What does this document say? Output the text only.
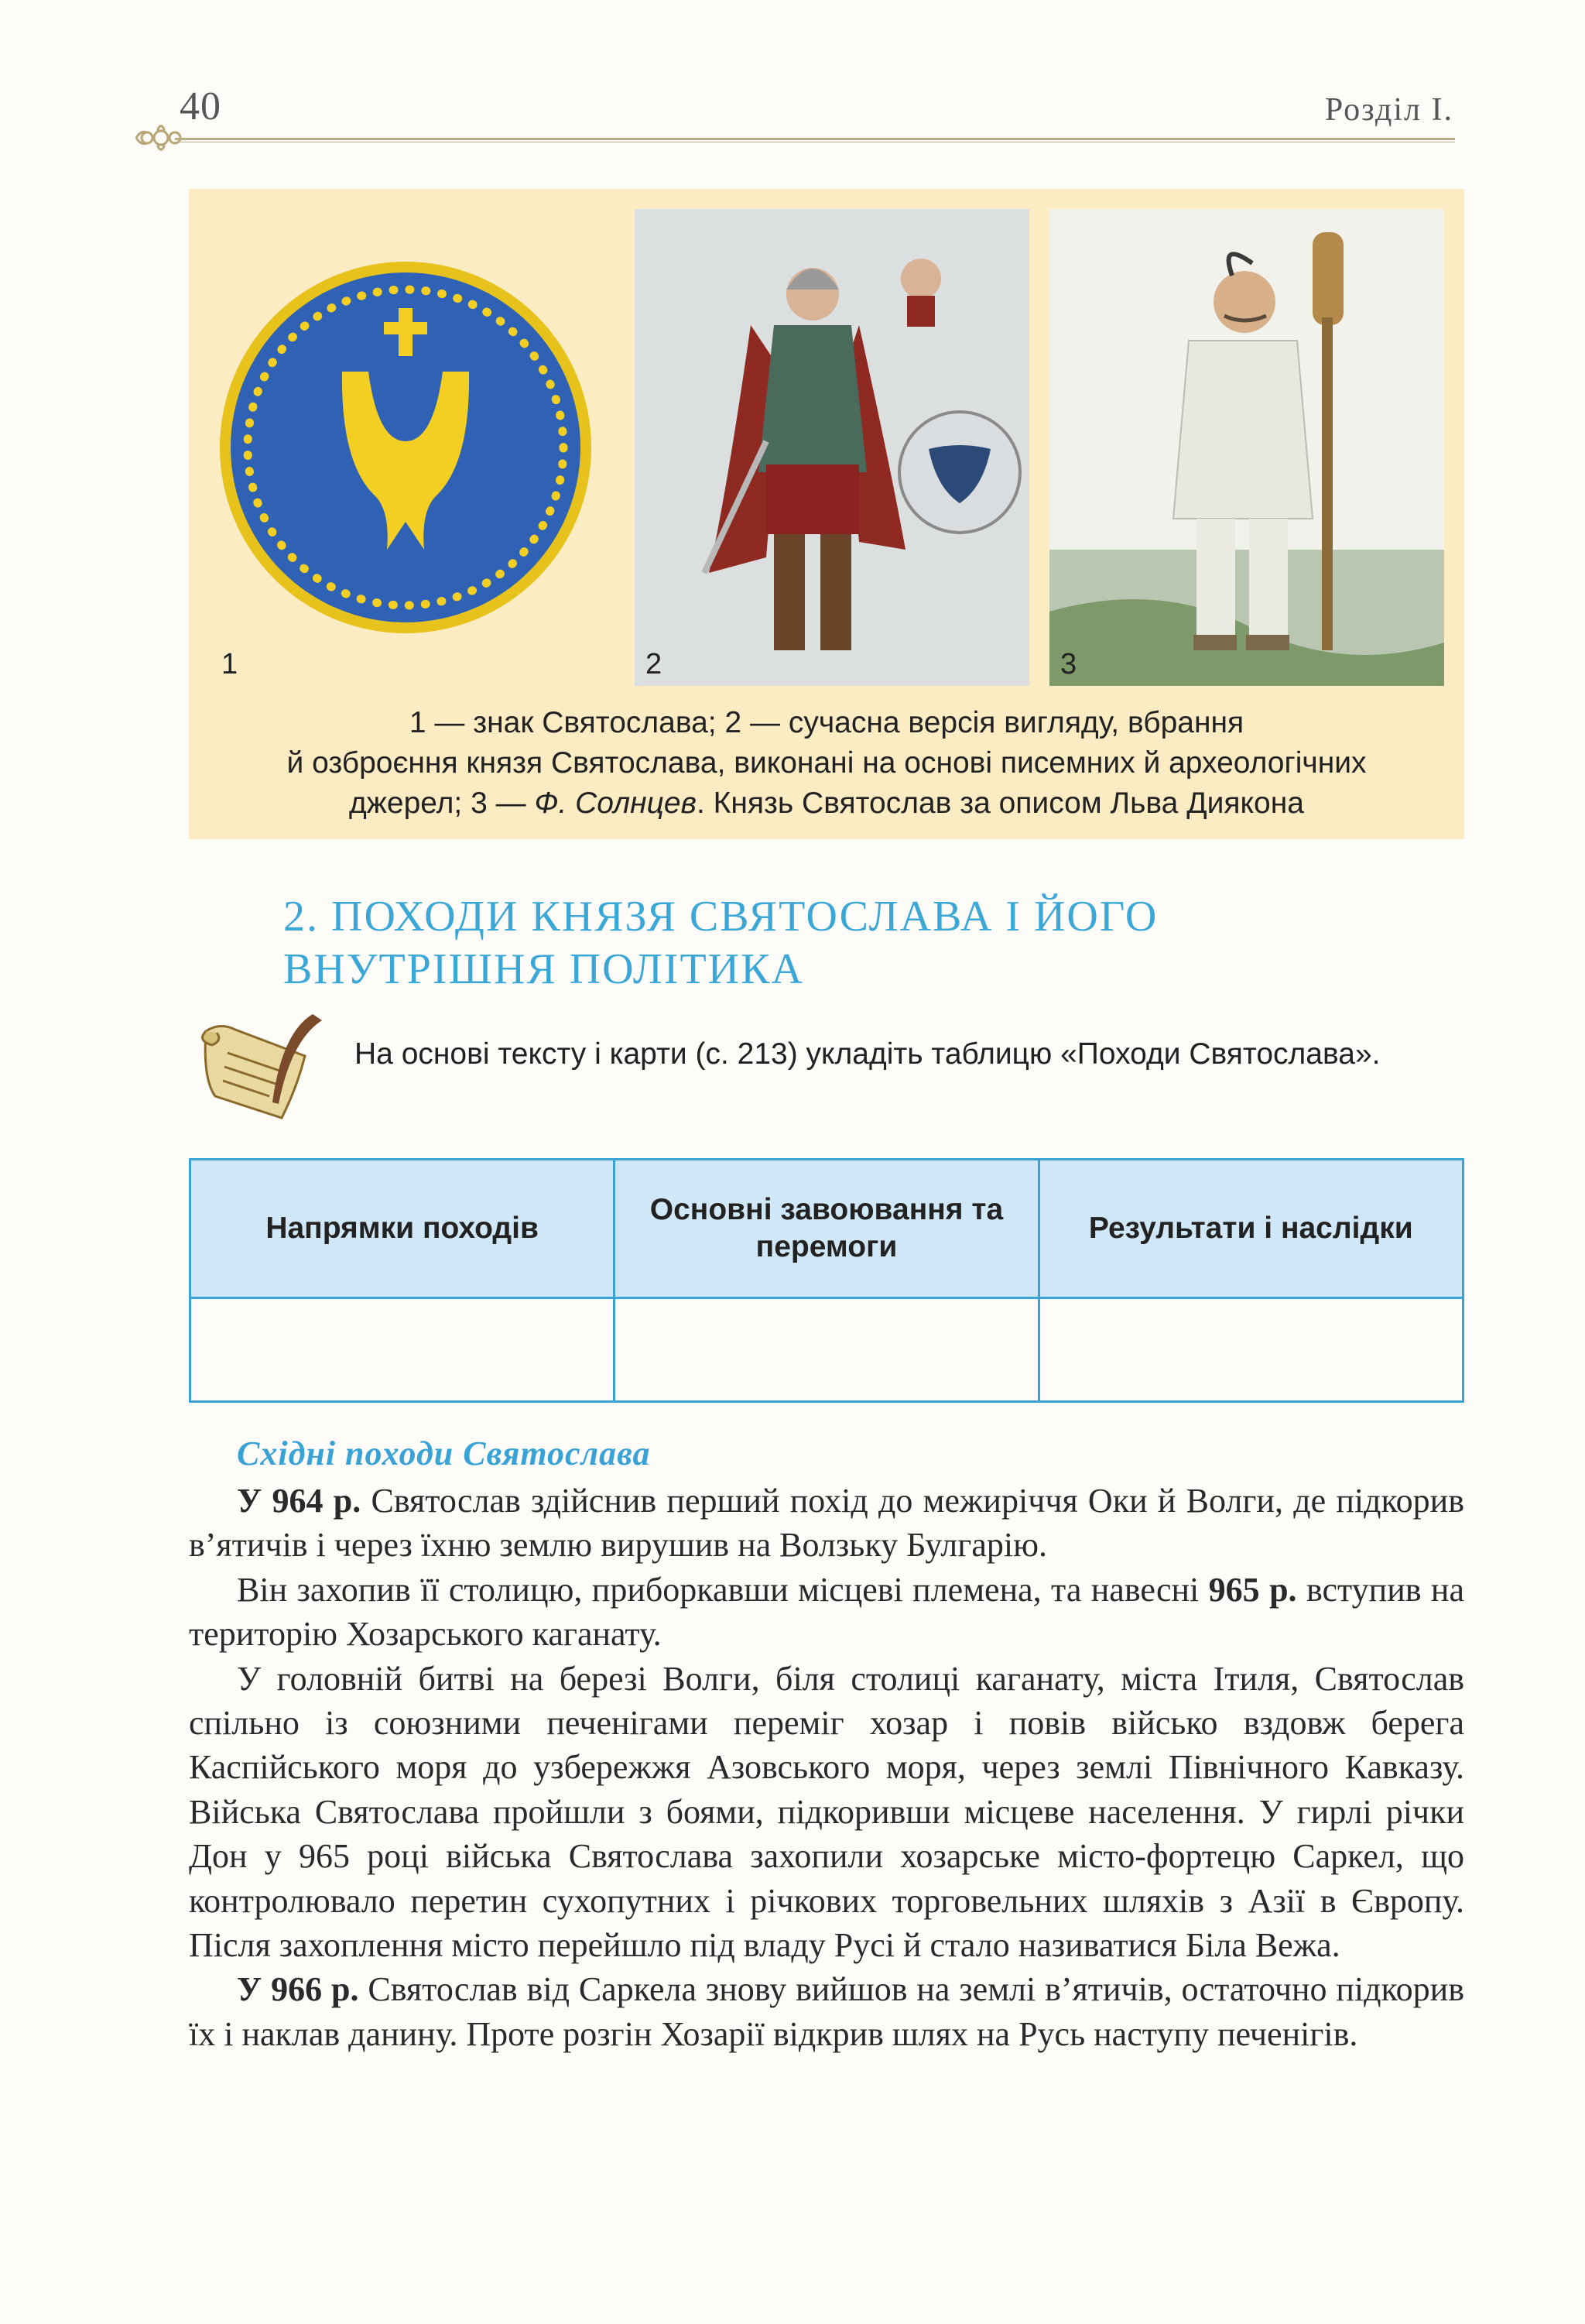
40	Розділ І.
1	2	3
1 — знак Святослава; 2 — сучасна версія вигляду, вбрання
й озброєння князя Святослава, виконані на основі писемних й археологічних
джерел; 3 — Ф. Солнцев. Князь Святослав за описом Льва Диякона
2. ПОХОДИ КНЯЗЯ СВЯТОСЛАВА І ЙОГО
ВНУТРІШНЯ ПОЛІТИКА
На основі тексту і карти (с. 213) укладіть таблицю «Походи Святослава».
Напрямки походів	Основні завоювання та перемоги	Результати і наслідки

Східні походи Святослава

У 964 р. Святослав здійснив перший похід до межиріччя Оки й Волги, де підкорив в’ятичів і через їхню землю вирушив на Волзьку Булгарію.

Він захопив її столицю, приборкавши місцеві племена, та навесні 965 р. вступив на територію Хозарського каганату.

У головній битві на березі Волги, біля столиці каганату, міста Ітиля, Святослав спільно із союзними печенігами переміг хозар і повів військо вздовж берега Каспійського моря до узбережжя Азовського моря, через землі Північного Кавказу. Війська Святослава пройшли з боями, підкоривши місцеве населення. У гирлі річки Дон у 965 році війська Святослава захопили хозарське місто-фортецю Саркел, що контролювало перетин сухопутних і річкових торговельних шляхів з Азії в Європу. Після захоплення місто перейшло під владу Русі й стало називатися Біла Вежа.

У 966 р. Святослав від Саркела знову вийшов на землі в’ятичів, остаточно підкорив їх і наклав данину. Проте розгін Хозарії відкрив шлях на Русь наступу печенігів.
